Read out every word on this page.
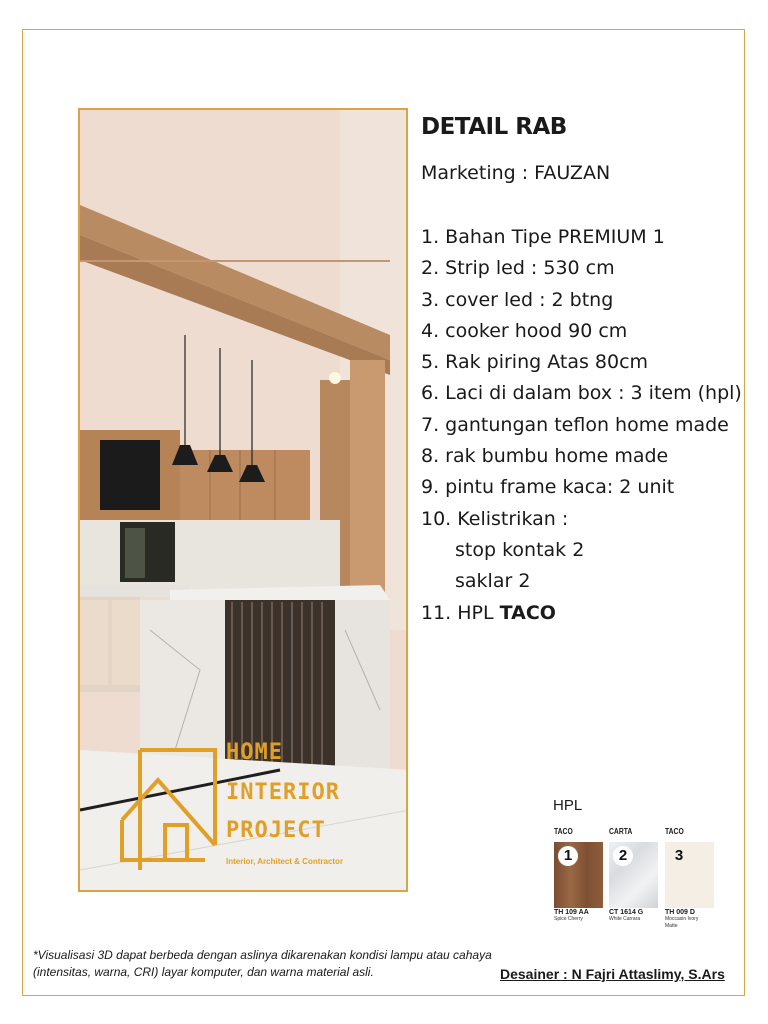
HOME
INTERIOR
PROJECT
Interior, Architect & Contractor
DETAIL RAB
Marketing : FAUZAN
1. Bahan Tipe PREMIUM 1
2. Strip led : 530 cm
3. cover led : 2 btng
4. cooker hood 90 cm
5. Rak piring Atas 80cm
6. Laci di dalam box : 3 item (hpl)
7. gantungan teflon home made
8. rak bumbu home made
9. pintu frame kaca: 2 unit
10. Kelistrikan :
stop kontak 2
saklar 2
11. HPL TACO
HPL
TACO	CARTA	TACO
1	2	3
TH 109 AA	CT 1614 G	TH 009 D
Spice Cherry	White Carrara	Moccasin Ivory Matte
*Visualisasi 3D dapat berbeda dengan aslinya dikarenakan kondisi lampu atau cahaya (intensitas, warna, CRI) layar komputer, dan warna material asli.	Desainer : N Fajri Attaslimy, S.Ars
